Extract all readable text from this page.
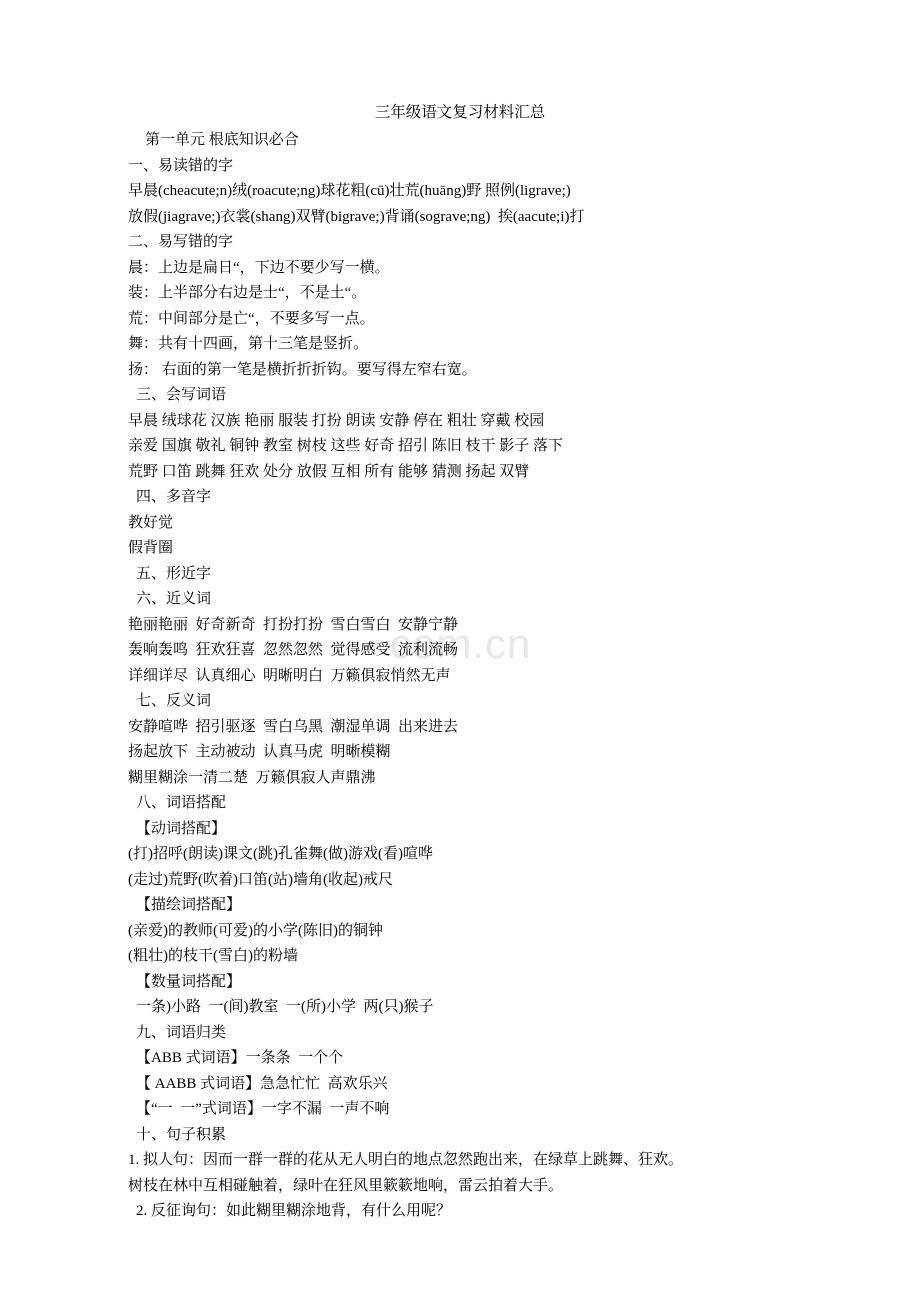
com.cn
三年级语文复习材料汇总

第一单元 根底知识必合

一、易读错的字

早晨(cheacute;n)绒(roacute;ng)球花粗(cū)壮荒(huāng)野 照例(ligrave;)

放假(jiagrave;)衣裳(shang)双臂(bigrave;)背诵(sograve;ng)  挨(aacute;i)打

二、易写错的字

晨：上边是扁日“，下边不要少写一横。

装：上半部分右边是士“，不是土“。

荒：中间部分是亡“，不要多写一点。

舞：共有十四画，第十三笔是竖折。

扬： 右面的第一笔是横折折折钩。要写得左窄右宽。

三、会写词语

早晨 绒球花 汉族 艳丽 服装 打扮 朗读 安静 停在 粗壮 穿戴 校园

亲爱 国旗 敬礼 铜钟 教室 树枝 这些 好奇 招引 陈旧 枝干 影子 落下

荒野 口笛 跳舞 狂欢 处分 放假 互相 所有 能够 猜测 扬起 双臂

四、多音字

教好觉

假背圈

五、形近字

六、近义词

艳丽艳丽  好奇新奇  打扮打扮  雪白雪白  安静宁静

轰响轰鸣  狂欢狂喜  忽然忽然  觉得感受  流利流畅

详细详尽  认真细心  明晰明白  万籁俱寂悄然无声

七、反义词

安静喧哗  招引驱逐  雪白乌黑  潮湿单调  出来进去

扬起放下  主动被动  认真马虎  明晰模糊

糊里糊涂一清二楚  万籁俱寂人声鼎沸

八、词语搭配

【动词搭配】

(打)招呼(朗读)课文(跳)孔雀舞(做)游戏(看)喧哗

(走过)荒野(吹着)口笛(站)墙角(收起)戒尺

【描绘词搭配】

(亲爱)的教师(可爱)的小学(陈旧)的铜钟

(粗壮)的枝干(雪白)的粉墙

【数量词搭配】

一条)小路  一(间)教室  一(所)小学  两(只)猴子

九、词语归类

【ABB 式词语】一条条  一个个

【 AABB 式词语】急急忙忙  高欢乐兴

【“一  一”式词语】一字不漏  一声不响

十、句子积累

1. 拟人句：因而一群一群的花从无人明白的地点忽然跑出来，在绿草上跳舞、狂欢。

树枝在林中互相碰触着，绿叶在狂风里簌簌地响，雷云拍着大手。

2. 反征询句：如此糊里糊涂地背，有什么用呢？
